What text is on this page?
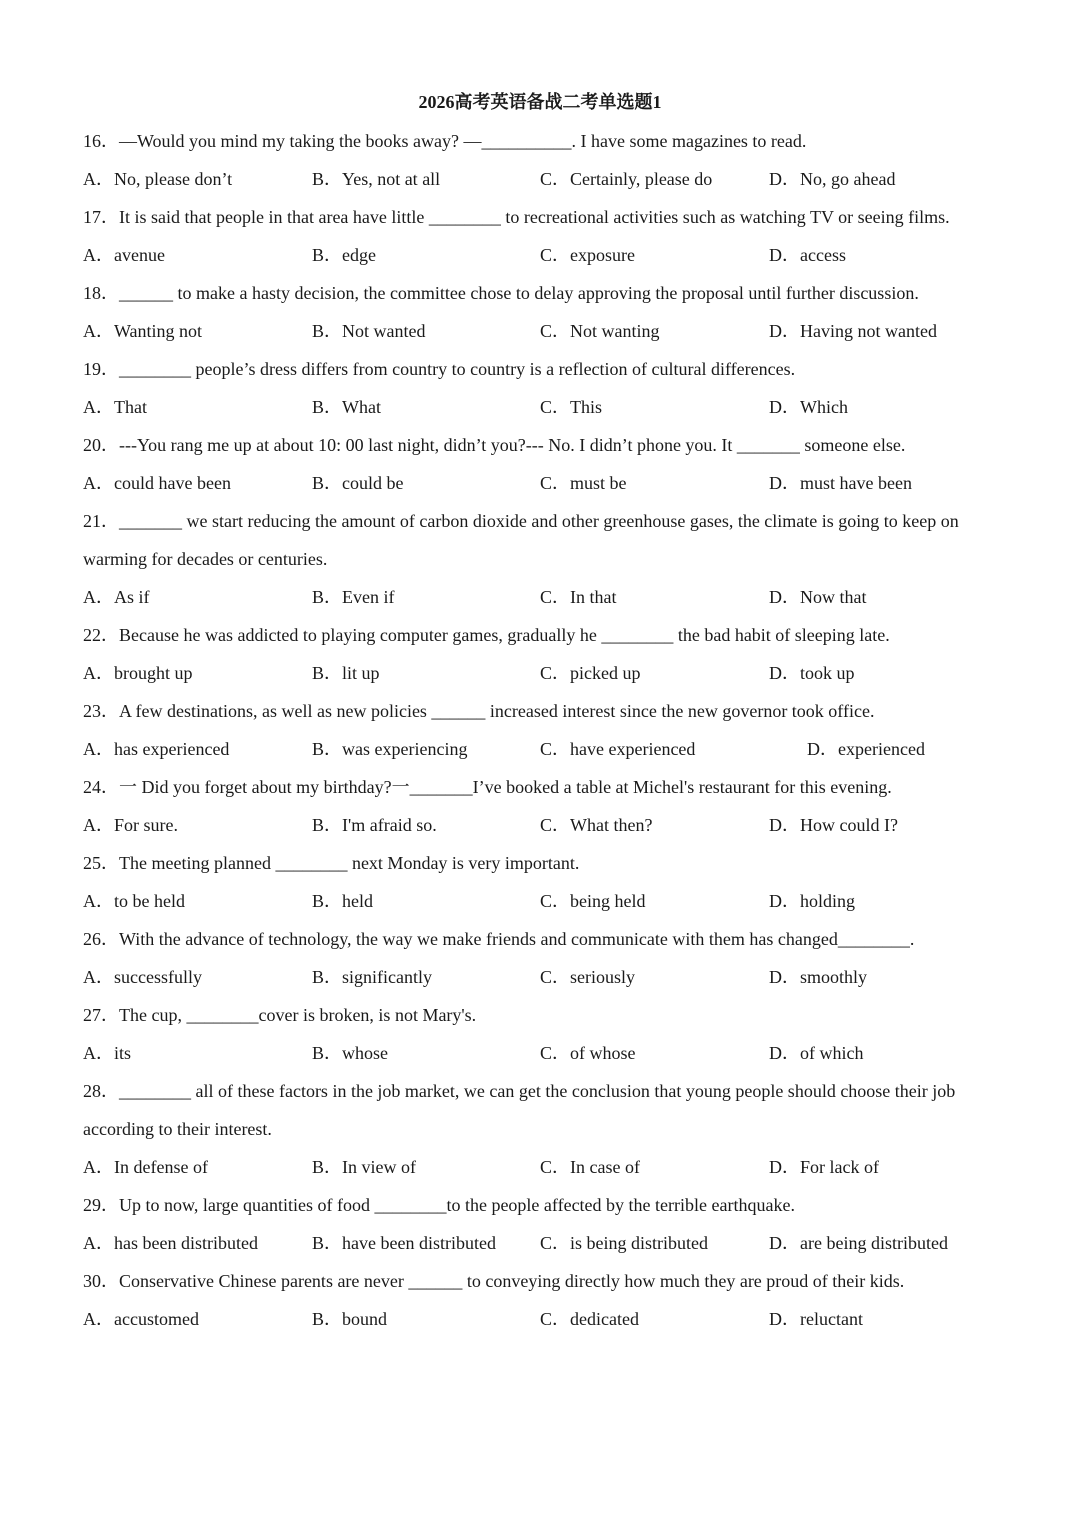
2026高考英语备战二考单选题1
16．—Would you mind my taking the books away? —__________. I have some magazines to read.
A．No, please don’t	B．Yes, not at all	C．Certainly, please do	D．No, go ahead
17．It is said that people in that area have little ________ to recreational activities such as watching TV or seeing films.
A．avenue	B．edge	C．exposure	D．access
18．______ to make a hasty decision, the committee chose to delay approving the proposal until further discussion.
A．Wanting not	B．Not wanted	C．Not wanting	D．Having not wanted
19．________ people’s dress differs from country to country is a reflection of cultural differences.
A．That	B．What	C．This	D．Which
20．---You rang me up at about 10: 00 last night, didn’t you?--- No. I didn’t phone you. It _______ someone else.
A．could have been	B．could be	C．must be	D．must have been
21．_______ we start reducing the amount of carbon dioxide and other greenhouse gases, the climate is going to keep on warming for decades or centuries.
A．As if	B．Even if	C．In that	D．Now that
22．Because he was addicted to playing computer games, gradually he ________ the bad habit of sleeping late.
A．brought up	B．lit up	C．picked up	D．took up
23．A few destinations, as well as new policies ______ increased interest since the new governor took office.
A．has experienced	B．was experiencing	C．have experienced	D．experienced
24．一 Did you forget about my birthday?一_______I’ve booked a table at Michel's restaurant for this evening.
A．For sure.	B．I'm afraid so.	C．What then?	D．How could I?
25．The meeting planned ________ next Monday is very important.
A．to be held	B．held	C．being held	D．holding
26．With the advance of technology, the way we make friends and communicate with them has changed________.
A．successfully	B．significantly	C．seriously	D．smoothly
27．The cup, ________cover is broken, is not Mary's.
A．its	B．whose	C．of whose	D．of which
28．________ all of these factors in the job market, we can get the conclusion that young people should choose their job according to their interest.
A．In defense of	B．In view of	C．In case of	D．For lack of
29．Up to now, large quantities of food ________to the people affected by the terrible earthquake.
A．has been distributed	B．have been distributed C．is being distributed	D．are being distributed
30．Conservative Chinese parents are never ______ to conveying directly how much they are proud of their kids.
A．accustomed	B．bound	C．dedicated	D．reluctant
